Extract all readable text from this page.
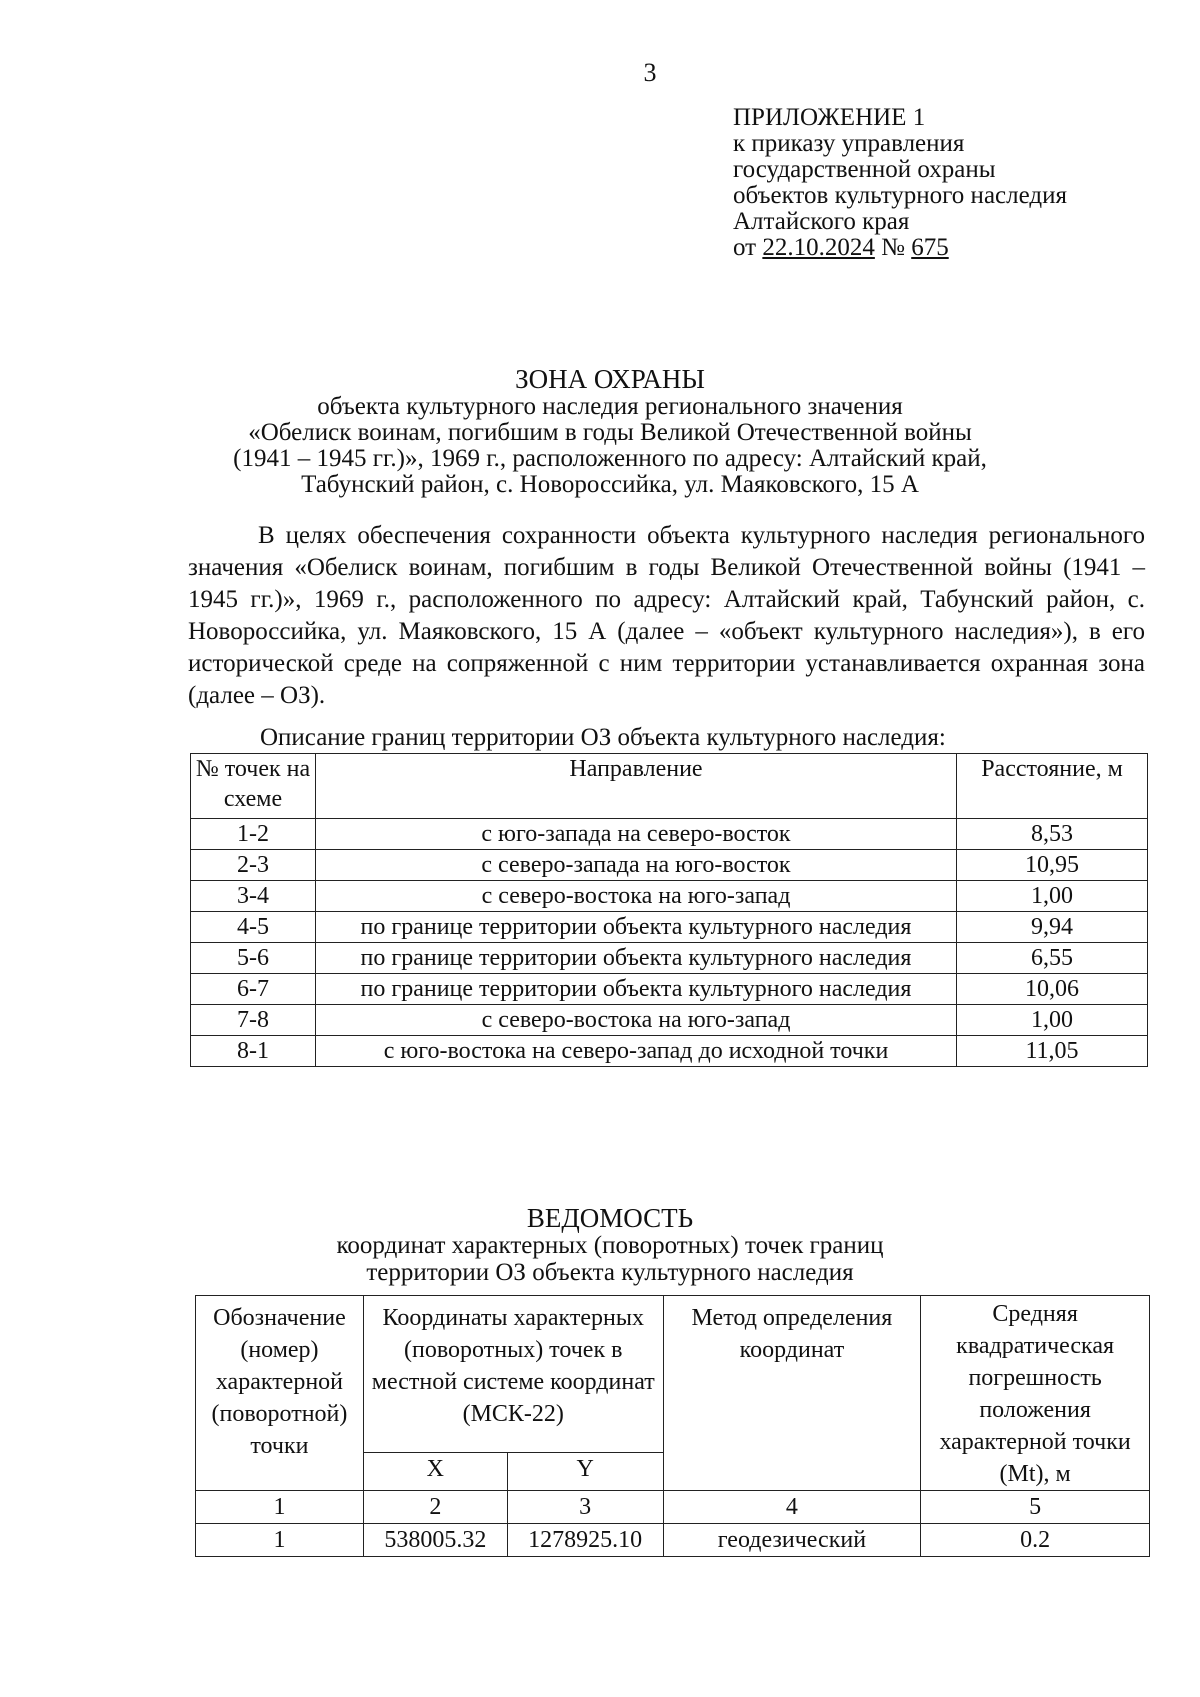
3
ПРИЛОЖЕНИЕ 1
к приказу управления
государственной охраны
объектов культурного наследия
Алтайского края
от 22.10.2024 № 675
ЗОНА ОХРАНЫ
объекта культурного наследия регионального значения
«Обелиск воинам, погибшим в годы Великой Отечественной войны
(1941 – 1945 гг.)», 1969 г., расположенного по адресу: Алтайский край,
Табунский район, с. Новороссийка, ул. Маяковского, 15 А

В целях обеспечения сохранности объекта культурного наследия регионального значения «Обелиск воинам, погибшим в годы Великой Отечественной войны (1941 – 1945 гг.)», 1969 г., расположенного по адресу: Алтайский край, Табунский район, с. Новороссийка, ул. Маяковского, 15 А (далее – «объект культурного наследия»), в его исторической среде на сопряженной с ним территории устанавливается охранная зона (далее – ОЗ).

Описание границ территории ОЗ объекта культурного наследия:
№ точек на схеме	Направление	Расстояние, м
1-2	с юго-запада на северо-восток	8,53
2-3	с северо-запада на юго-восток	10,95
3-4	с северо-востока на юго-запад	1,00
4-5	по границе территории объекта культурного наследия	9,94
5-6	по границе территории объекта культурного наследия	6,55
6-7	по границе территории объекта культурного наследия	10,06
7-8	с северо-востока на юго-запад	1,00
8-1	с юго-востока на северо-запад до исходной точки	11,05
ВЕДОМОСТЬ
координат характерных (поворотных) точек границ
территории ОЗ объекта культурного наследия
Обозначение (номер) характерной (поворотной) точки	Координаты характерных (поворотных) точек в местной системе координат (МСК-22)		Метод определения координат	Средняя квадратическая погрешность положения характерной точки (Mt), м
	X	Y		
1	2	3	4	5
1	538005.32	1278925.10	геодезический	0.2
